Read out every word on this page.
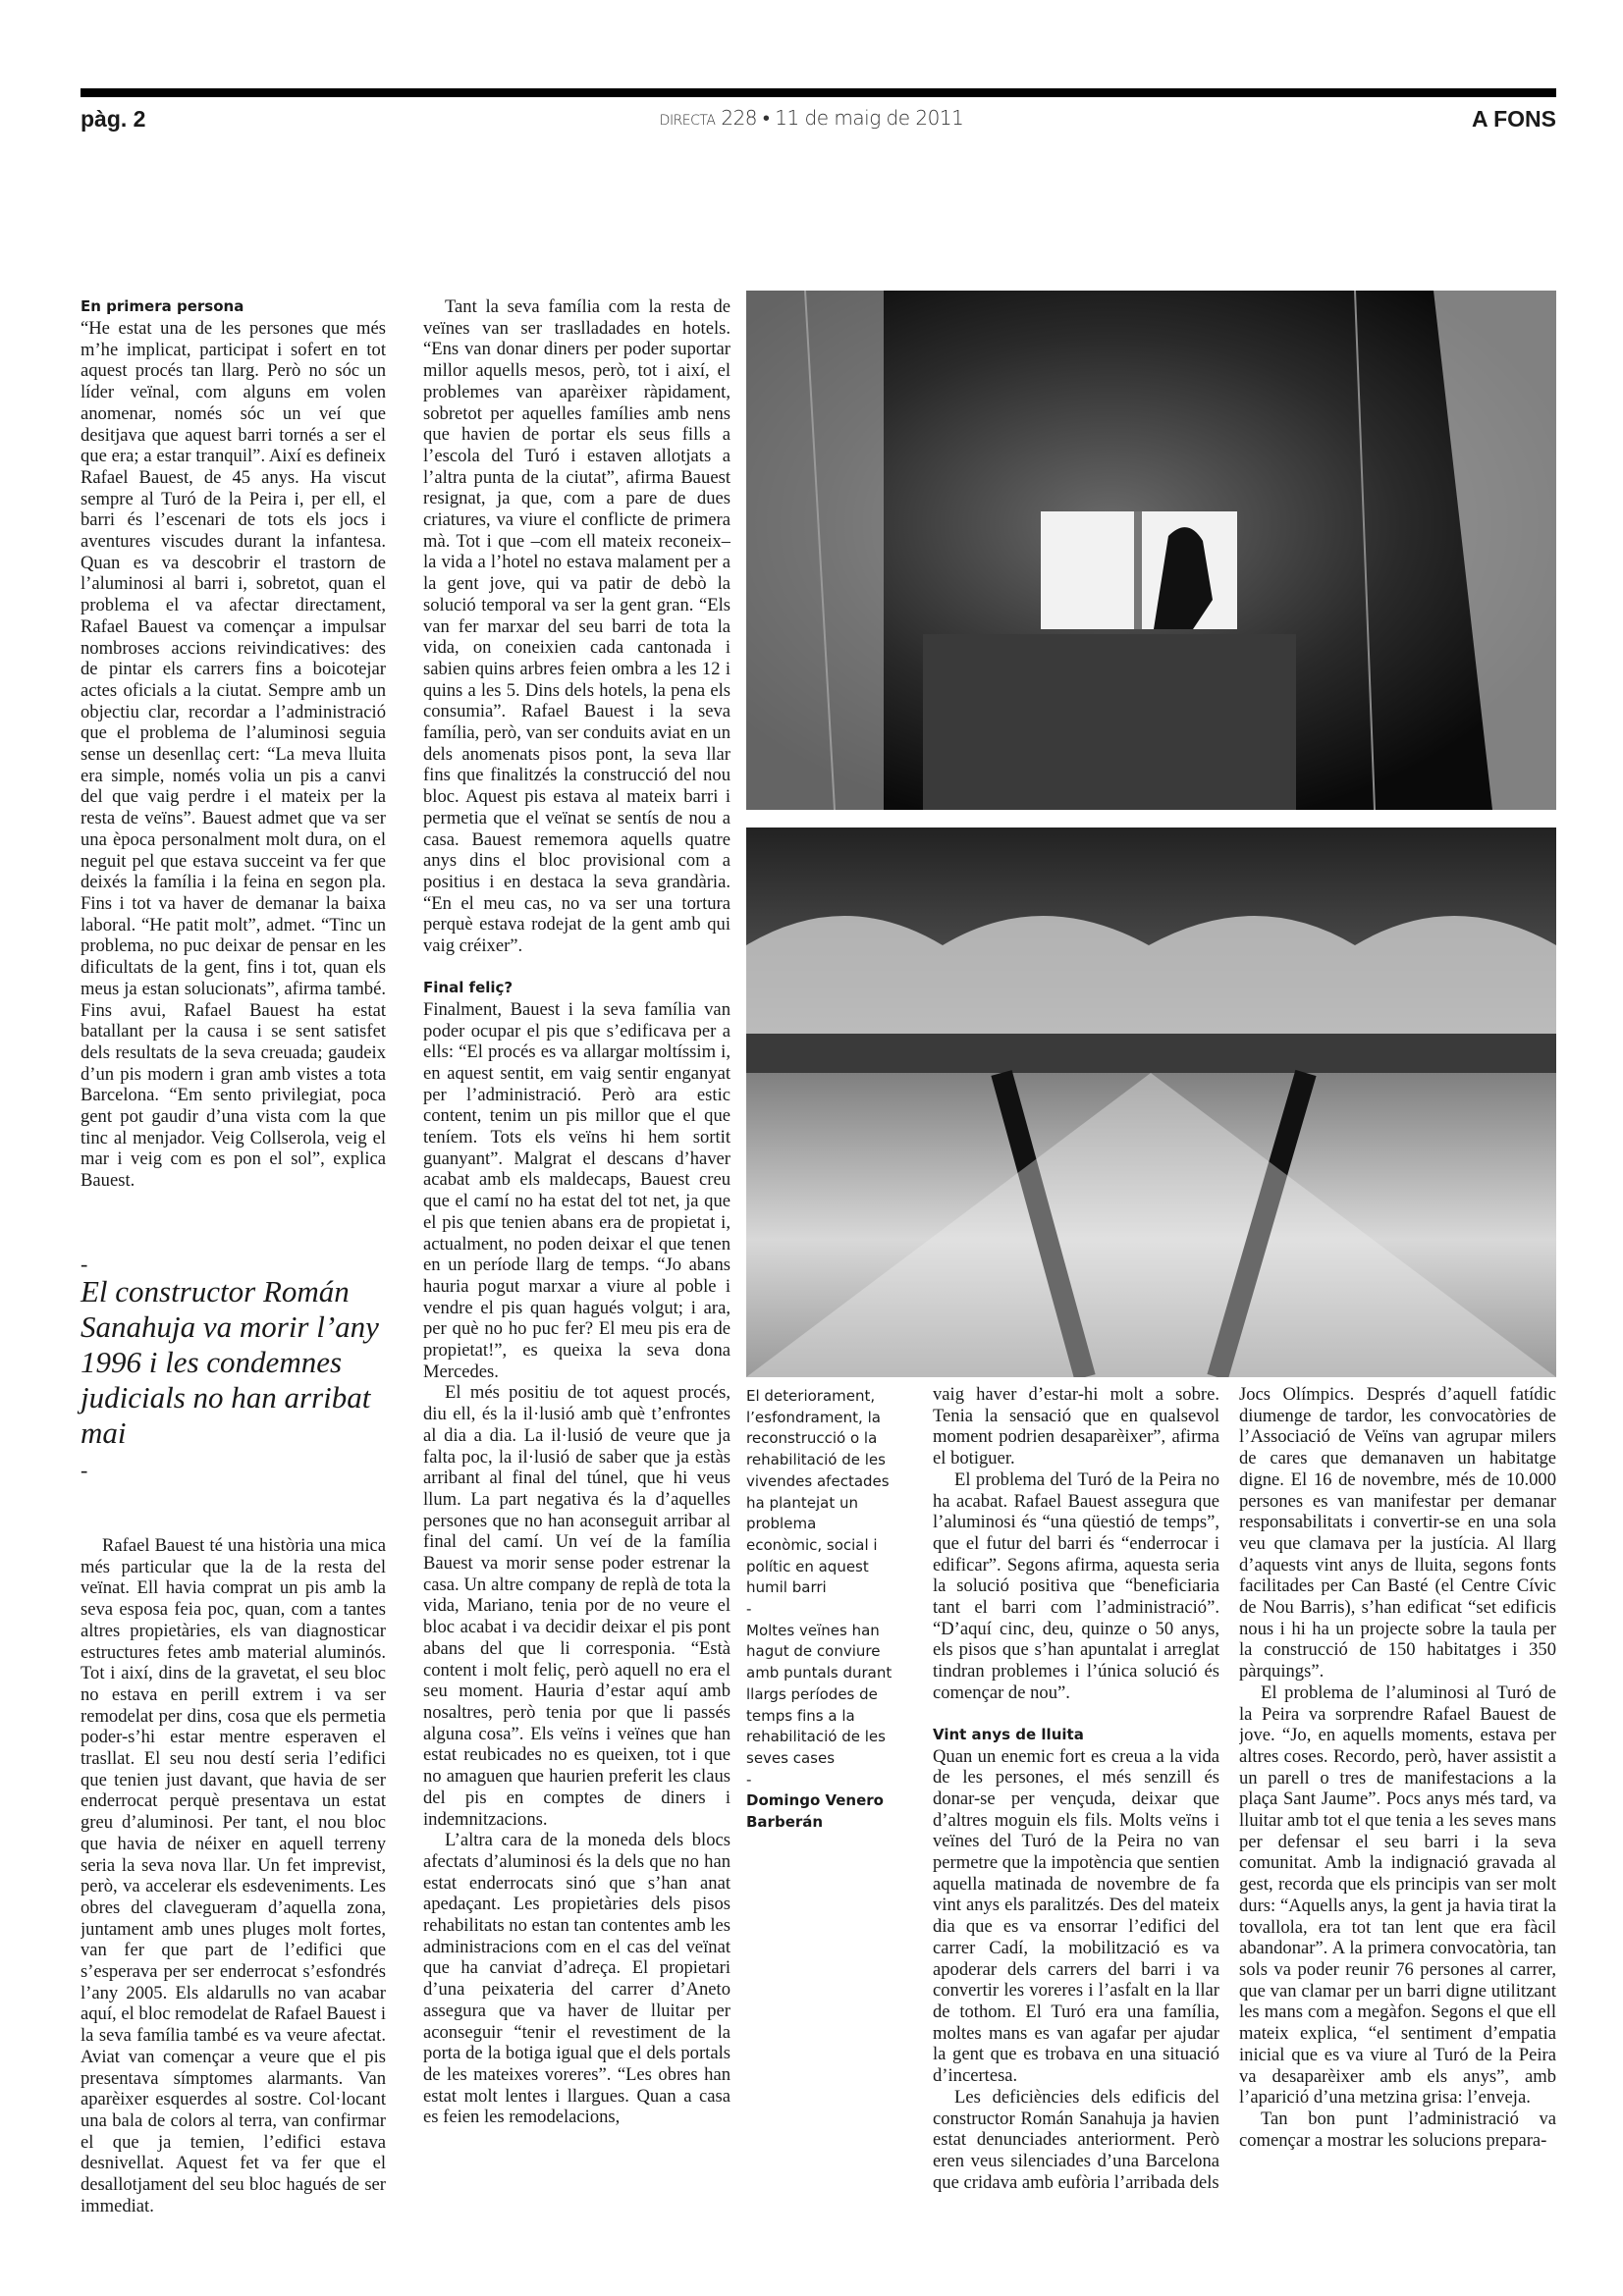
pàg. 2	DIRECTA 228 • 11 de maig de 2011	A FONS
En primera persona

“He estat una de les persones que més m’he implicat, participat i sofert en tot aquest procés tan llarg. Però no sóc un líder veïnal, com alguns em volen anomenar, només sóc un veí que desitjava que aquest barri tornés a ser el que era; a estar tranquil”. Així es defineix Rafael Bauest, de 45 anys. Ha viscut sempre al Turó de la Peira i, per ell, el barri és l’escenari de tots els jocs i aventures viscudes durant la infantesa. Quan es va descobrir el trastorn de l’aluminosi al barri i, sobretot, quan el problema el va afectar directament, Rafael Bauest va començar a impulsar nombroses accions reivindicatives: des de pintar els carrers fins a boicotejar actes oficials a la ciutat. Sempre amb un objectiu clar, recordar a l’administració que el problema de l’aluminosi seguia sense un desenllaç cert: “La meva lluita era simple, només volia un pis a canvi del que vaig perdre i el mateix per la resta de veïns”. Bauest admet que va ser una època personalment molt dura, on el neguit pel que estava succeint va fer que deixés la família i la feina en segon pla. Fins i tot va haver de demanar la baixa laboral. “He patit molt”, admet. “Tinc un problema, no puc deixar de pensar en les dificultats de la gent, fins i tot, quan els meus ja estan solucionats”, afirma també. Fins avui, Rafael Bauest ha estat batallant per la causa i se sent satisfet dels resultats de la seva creuada; gaudeix d’un pis modern i gran amb vistes a tota Barcelona. “Em sento privilegiat, poca gent pot gaudir d’una vista com la que tinc al menjador. Veig Collserola, veig el mar i veig com es pon el sol”, explica Bauest.

-
El constructor Román Sanahuja va morir l’any 1996 i les condemnes judicials no han arribat mai
-

Rafael Bauest té una història una mica més particular que la de la resta del veïnat. Ell havia comprat un pis amb la seva esposa feia poc, quan, com a tantes altres propietàries, els van diagnosticar estructures fetes amb material aluminós. Tot i així, dins de la gravetat, el seu bloc no estava en perill extrem i va ser remodelat per dins, cosa que els permetia poder-s’hi estar mentre esperaven el trasllat. El seu nou destí seria l’edifici que tenien just davant, que havia de ser enderrocat perquè presentava un estat greu d’aluminosi. Per tant, el nou bloc que havia de néixer en aquell terreny seria la seva nova llar. Un fet imprevist, però, va accelerar els esdeveniments. Les obres del clavegueram d’aquella zona, juntament amb unes pluges molt fortes, van fer que part de l’edifici que s’esperava per ser enderrocat s’esfondrés l’any 2005. Els aldarulls no van acabar aquí, el bloc remodelat de Rafael Bauest i la seva família també es va veure afectat. Aviat van començar a veure que el pis presentava símptomes alarmants. Van aparèixer esquerdes al sostre. Col·locant una bala de colors al terra, van confirmar el que ja temien, l’edifici estava desnivellat. Aquest fet va fer que el desallotjament del seu bloc hagués de ser immediat.

Tant la seva família com la resta de veïnes van ser traslladades en hotels. “Ens van donar diners per poder suportar millor aquells mesos, però, tot i així, el problemes van aparèixer ràpidament, sobretot per aquelles famílies amb nens que havien de portar els seus fills a l’escola del Turó i estaven allotjats a l’altra punta de la ciutat”, afirma Bauest resignat, ja que, com a pare de dues criatures, va viure el conflicte de primera mà. Tot i que –com ell mateix reconeix– la vida a l’hotel no estava malament per a la gent jove, qui va patir de debò la solució temporal va ser la gent gran. “Els van fer marxar del seu barri de tota la vida, on coneixien cada cantonada i sabien quins arbres feien ombra a les 12 i quins a les 5. Dins dels hotels, la pena els consumia”. Rafael Bauest i la seva família, però, van ser conduits aviat en un dels anomenats pisos pont, la seva llar fins que finalitzés la construcció del nou bloc. Aquest pis estava al mateix barri i permetia que el veïnat se sentís de nou a casa. Bauest rememora aquells quatre anys dins el bloc provisional com a positius i en destaca la seva grandària. “En el meu cas, no va ser una tortura perquè estava rodejat de la gent amb qui vaig créixer”.

Final feliç?

Finalment, Bauest i la seva família van poder ocupar el pis que s’edificava per a ells: “El procés es va allargar moltíssim i, en aquest sentit, em vaig sentir enganyat per l’administració. Però ara estic content, tenim un pis millor que el que teníem. Tots els veïns hi hem sortit guanyant”. Malgrat el descans d’haver acabat amb els maldecaps, Bauest creu que el camí no ha estat del tot net, ja que el pis que tenien abans era de propietat i, actualment, no poden deixar el que tenen en un període llarg de temps. “Jo abans hauria pogut marxar a viure al poble i vendre el pis quan hagués volgut; i ara, per què no ho puc fer? El meu pis era de propietat!”, es queixa la seva dona Mercedes.

El més positiu de tot aquest procés, diu ell, és la il·lusió amb què t’enfrontes al dia a dia. La il·lusió de veure que ja falta poc, la il·lusió de saber que ja estàs arribant al final del túnel, que hi veus llum. La part negativa és la d’aquelles persones que no han aconseguit arribar al final del camí. Un veí de la família Bauest va morir sense poder estrenar la casa. Un altre company de replà de tota la vida, Mariano, tenia por de no veure el bloc acabat i va decidir deixar el pis pont abans del que li corresponia. “Està content i molt feliç, però aquell no era el seu moment. Hauria d’estar aquí amb nosaltres, però tenia por que li passés alguna cosa”. Els veïns i veïnes que han estat reubicades no es queixen, tot i que no amaguen que haurien preferit les claus del pis en comptes de diners i indemnitzacions.

L’altra cara de la moneda dels blocs afectats d’aluminosi és la dels que no han estat enderrocats sinó que s’han anat apedaçant. Les propietàries dels pisos rehabilitats no estan tan contentes amb les administracions com en el cas del veïnat que ha canviat d’adreça. El propietari d’una peixateria del carrer d’Aneto assegura que va haver de lluitar per aconseguir “tenir el revestiment de la porta de la botiga igual que el dels portals de les mateixes voreres”. “Les obres han estat molt lentes i llargues. Quan a casa es feien les remodelacions,

El deteriorament, l’esfondrament, la reconstrucció o la rehabilitació de les vivendes afectades ha plantejat un problema econòmic, social i polític en aquest humil barri
-
Moltes veïnes han hagut de conviure amb puntals durant llargs períodes de temps fins a la rehabilitació de les seves cases
-
Domingo Venero Barberán

vaig haver d’estar-hi molt a sobre. Tenia la sensació que en qualsevol moment podrien desaparèixer”, afirma el botiguer.

El problema del Turó de la Peira no ha acabat. Rafael Bauest assegura que l’aluminosi és “una qüestió de temps”, que el futur del barri és “enderrocar i edificar”. Segons afirma, aquesta seria la solució positiva que “beneficiaria tant el barri com l’administració”. “D’aquí cinc, deu, quinze o 50 anys, els pisos que s’han apuntalat i arreglat tindran problemes i l’única solució és començar de nou”.

Vint anys de lluita

Quan un enemic fort es creua a la vida de les persones, el més senzill és donar-se per vençuda, deixar que d’altres moguin els fils. Molts veïns i veïnes del Turó de la Peira no van permetre que la impotència que sentien aquella matinada de novembre de fa vint anys els paralitzés. Des del mateix dia que es va ensorrar l’edifici del carrer Cadí, la mobilització es va apoderar dels carrers del barri i va convertir les voreres i l’asfalt en la llar de tothom. El Turó era una família, moltes mans es van agafar per ajudar la gent que es trobava en una situació d’incertesa.

Les deficiències dels edificis del constructor Román Sanahuja ja havien estat denunciades anteriorment. Però eren veus silenciades d’una Barcelona que cridava amb eufòria l’arribada dels

Jocs Olímpics. Després d’aquell fatídic diumenge de tardor, les convocatòries de l’Associació de Veïns van agrupar milers de cares que demanaven un habitatge digne. El 16 de novembre, més de 10.000 persones es van manifestar per demanar responsabilitats i convertir-se en una sola veu que clamava per la justícia. Al llarg d’aquests vint anys de lluita, segons fonts facilitades per Can Basté (el Centre Cívic de Nou Barris), s’han edificat “set edificis nous i hi ha un projecte sobre la taula per la construcció de 150 habitatges i 350 pàrquings”.

El problema de l’aluminosi al Turó de la Peira va sorprendre Rafael Bauest de jove. “Jo, en aquells moments, estava per altres coses. Recordo, però, haver assistit a un parell o tres de manifestacions a la plaça Sant Jaume”. Pocs anys més tard, va lluitar amb tot el que tenia a les seves mans per defensar el seu barri i la seva comunitat. Amb la indignació gravada al gest, recorda que els principis van ser molt durs: “Aquells anys, la gent ja havia tirat la tovallola, era tot tan lent que era fàcil abandonar”. A la primera convocatòria, tan sols va poder reunir 76 persones al carrer, que van clamar per un barri digne utilitzant les mans com a megàfon. Segons el que ell mateix explica, “el sentiment d’empatia inicial que es va viure al Turó de la Peira va desaparèixer amb els anys”, amb l’aparició d’una metzina grisa: l’enveja.

Tan bon punt l’administració va començar a mostrar les solucions prepara-
